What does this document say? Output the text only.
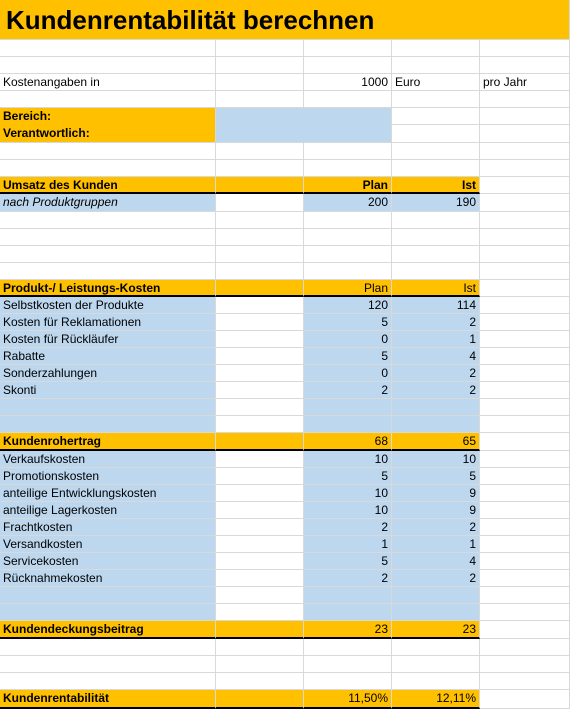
Kundenrentabilität berechnen
Kostenangaben in	1000 Euro	pro Jahr
Bereich:
Verantwortlich:
Umsatz des Kunden	Plan	Ist
nach Produktgruppen	200	190
Produkt-/ Leistungs-Kosten	Plan	Ist
Selbstkosten der Produkte	120	114
Kosten für Reklamationen	5	2
Kosten für Rückläufer	0	1
Rabatte	5	4
Sonderzahlungen	0	2
Skonti	2	2
Kundenrohertrag	68	65
Verkaufskosten	10	10
Promotionskosten	5	5
anteilige Entwicklungskosten	10	9
anteilige Lagerkosten	10	9
Frachtkosten	2	2
Versandkosten	1	1
Servicekosten	5	4
Rücknahmekosten	2	2
Kundendeckungsbeitrag	23	23
Kundenrentabilität	11,50%	12,11%
